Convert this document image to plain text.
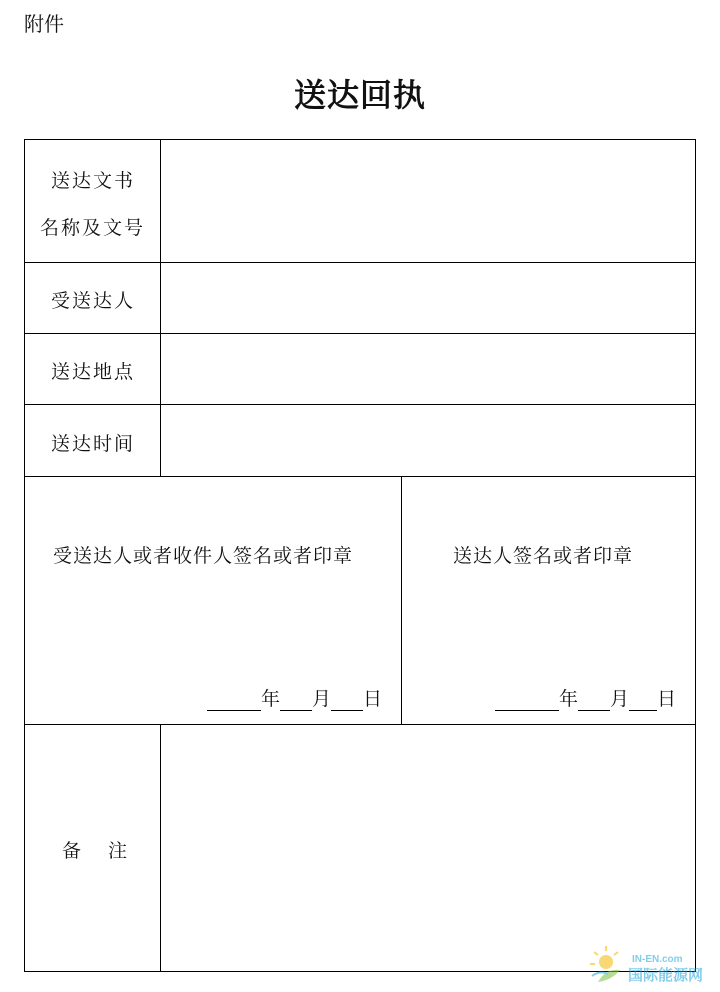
附件
送达回执
送达文书
名称及文号
受送达人
送达地点
送达时间
受送达人或者收件人签名或者印章	送达人签名或者印章
年 月 日	年 月 日
备　注
IN-EN.com
国际能源网
